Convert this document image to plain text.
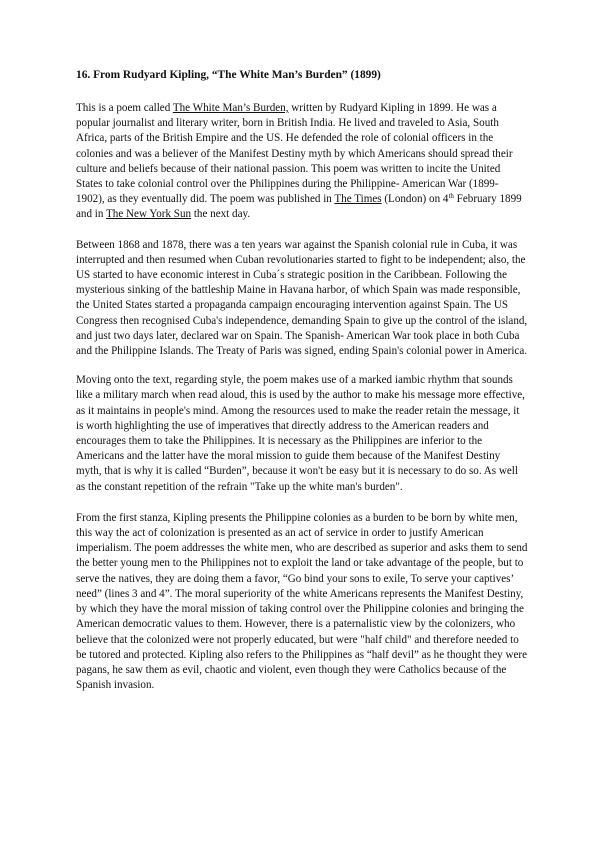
16. From Rudyard Kipling, “The White Man’s Burden” (1899)

This is a poem called The White Man’s Burden, written by Rudyard Kipling in 1899. He was a popular journalist and literary writer, born in British India. He lived and traveled to Asia, South Africa, parts of the British Empire and the US. He defended the role of colonial officers in the colonies and was a believer of the Manifest Destiny myth by which Americans should spread their culture and beliefs because of their national passion. This poem was written to incite the United States to take colonial control over the Philippines during the Philippine- American War (1899- 1902), as they eventually did. The poem was published in The Times (London) on 4th February 1899 and in The New York Sun the next day.

Between 1868 and 1878, there was a ten years war against the Spanish colonial rule in Cuba, it was interrupted and then resumed when Cuban revolutionaries started to fight to be independent; also, the US started to have economic interest in Cuba´s strategic position in the Caribbean. Following the mysterious sinking of the battleship Maine in Havana harbor, of which Spain was made responsible, the United States started a propaganda campaign encouraging intervention against Spain. The US Congress then recognised Cuba's independence, demanding Spain to give up the control of the island, and just two days later, declared war on Spain. The Spanish- American War took place in both Cuba and the Philippine Islands. The Treaty of Paris was signed, ending Spain's colonial power in America.

Moving onto the text, regarding style, the poem makes use of a marked iambic rhythm that sounds like a military march when read aloud, this is used by the author to make his message more effective, as it maintains in people's mind. Among the resources used to make the reader retain the message, it is worth highlighting the use of imperatives that directly address to the American readers and encourages them to take the Philippines. It is necessary as the Philippines are inferior to the Americans and the latter have the moral mission to guide them because of the Manifest Destiny myth, that is why it is called “Burden”, because it won't be easy but it is necessary to do so. As well as the constant repetition of the refrain "Take up the white man's burden".

From the first stanza, Kipling presents the Philippine colonies as a burden to be born by white men, this way the act of colonization is presented as an act of service in order to justify American imperialism. The poem addresses the white men, who are described as superior and asks them to send the better young men to the Philippines not to exploit the land or take advantage of the people, but to serve the natives, they are doing them a favor, “Go bind your sons to exile, To serve your captives’ need” (lines 3 and 4”. The moral superiority of the white Americans represents the Manifest Destiny, by which they have the moral mission of taking control over the Philippine colonies and bringing the American democratic values to them. However, there is a paternalistic view by the colonizers, who believe that the colonized were not properly educated, but were "half child" and therefore needed to be tutored and protected. Kipling also refers to the Philippines as “half devil” as he thought they were pagans, he saw them as evil, chaotic and violent, even though they were Catholics because of the Spanish invasion.
